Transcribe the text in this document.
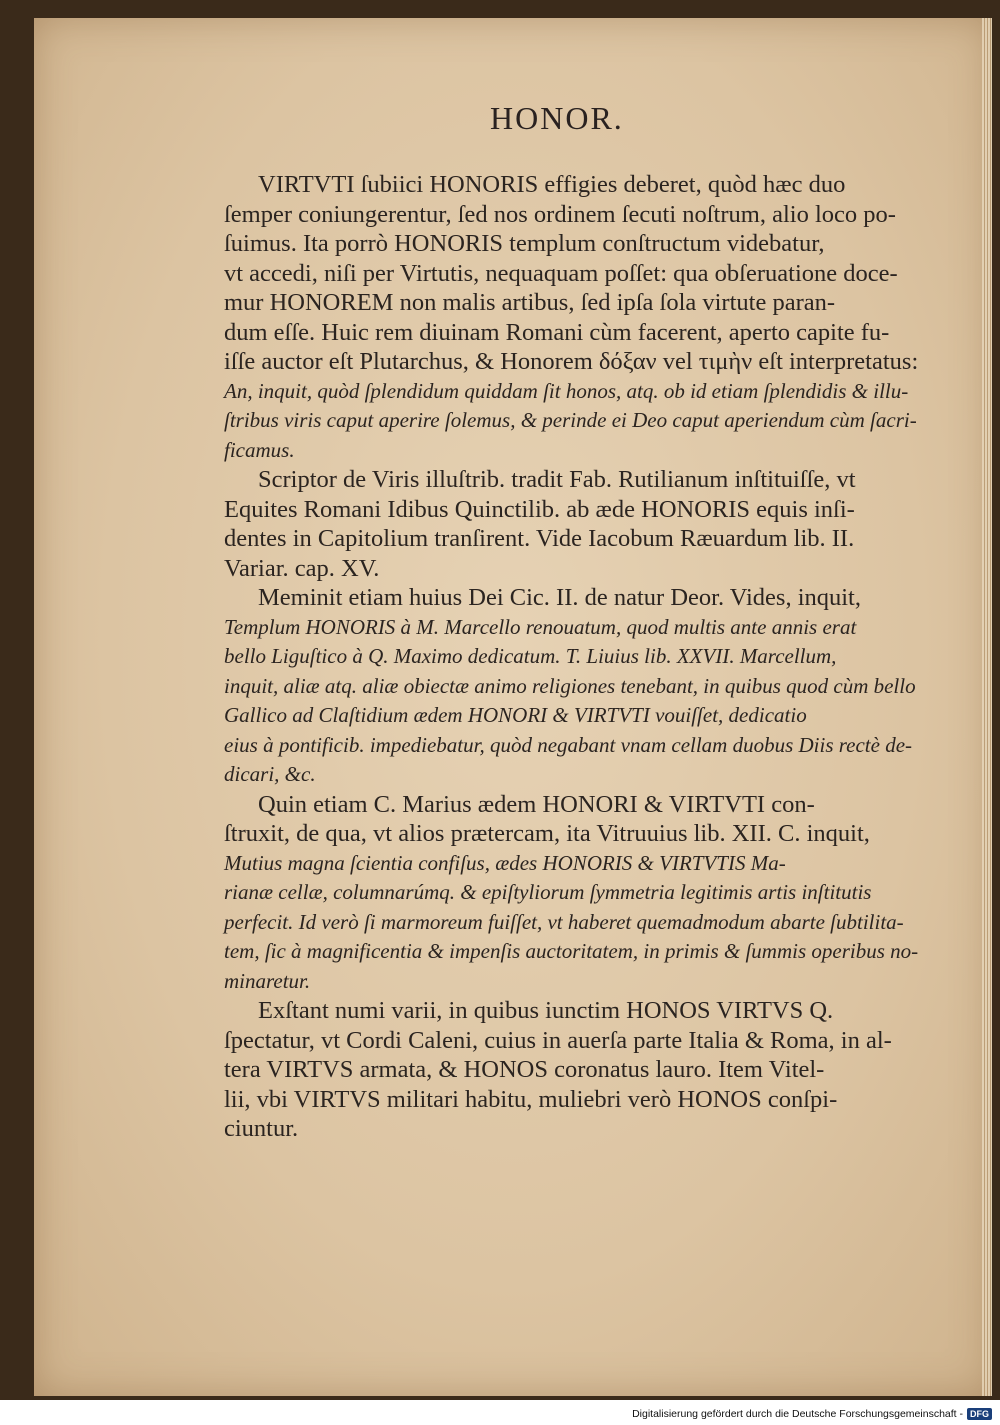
HONOR.
VIRTVTI ſubiici HONORIS effigies deberet, quòd hæc duo
ſemper coniungerentur, ſed nos ordinem ſecuti noſtrum, alio loco po-
ſuimus. Ita porrò HONORIS templum conſtructum videbatur,
vt accedi, niſi per Virtutis, nequaquam poſſet: qua obſeruatione doce-
mur HONOREM non malis artibus, ſed ipſa ſola virtute paran-
dum eſſe. Huic rem diuinam Romani cùm facerent, aperto capite fu-
iſſe auctor eſt Plutarchus, & Honorem δόξαν vel τιμὴν eſt interpretatus:
An, inquit, quòd ſplendidum quiddam ſit honos, atq. ob id etiam ſplendidis & illu-
ſtribus viris caput aperire ſolemus, & perinde ei Deo caput aperiendum cùm ſacri-
ficamus.
Scriptor de Viris illuſtrib. tradit Fab. Rutilianum inſtituiſſe, vt
Equites Romani Idibus Quinctilib. ab æde HONORIS equis inſi-
dentes in Capitolium tranſirent. Vide Iacobum Ræuardum lib. II.
Variar. cap. XV.
Meminit etiam huius Dei Cic. II. de natur Deor. Vides, inquit,
Templum HONORIS à M. Marcello renouatum, quod multis ante annis erat
bello Liguſtico à Q. Maximo dedicatum. T. Liuius lib. XXVII. Marcellum,
inquit, aliæ atq. aliæ obiectæ animo religiones tenebant, in quibus quod cùm bello
Gallico ad Claſtidium ædem HONORI & VIRTVTI vouiſſet, dedicatio
eius à pontificib. impediebatur, quòd negabant vnam cellam duobus Diis rectè de-
dicari, &c.
Quin etiam C. Marius ædem HONORI & VIRTVTI con-
ſtruxit, de qua, vt alios prætercam, ita Vitruuius lib. XII. C. inquit,
Mutius magna ſcientia confiſus, ædes HONORIS & VIRTVTIS Ma-
rianæ cellæ, columnarúmq. & epiſtyliorum ſymmetria legitimis artis inſtitutis
perfecit. Id verò ſi marmoreum fuiſſet, vt haberet quemadmodum abarte ſubtilita-
tem, ſic à magnificentia & impenſis auctoritatem, in primis & ſummis operibus no-
minaretur.
Exſtant numi varii, in quibus iunctim HONOS VIRTVS Q.
ſpectatur, vt Cordi Caleni, cuius in auerſa parte Italia & Roma, in al-
tera VIRTVS armata, & HONOS coronatus lauro. Item Vitel-
lii, vbi VIRTVS militari habitu, muliebri verò HONOS conſpi-
ciuntur.
Digitalisierung gefördert durch die Deutsche Forschungsgemeinschaft - DFG
